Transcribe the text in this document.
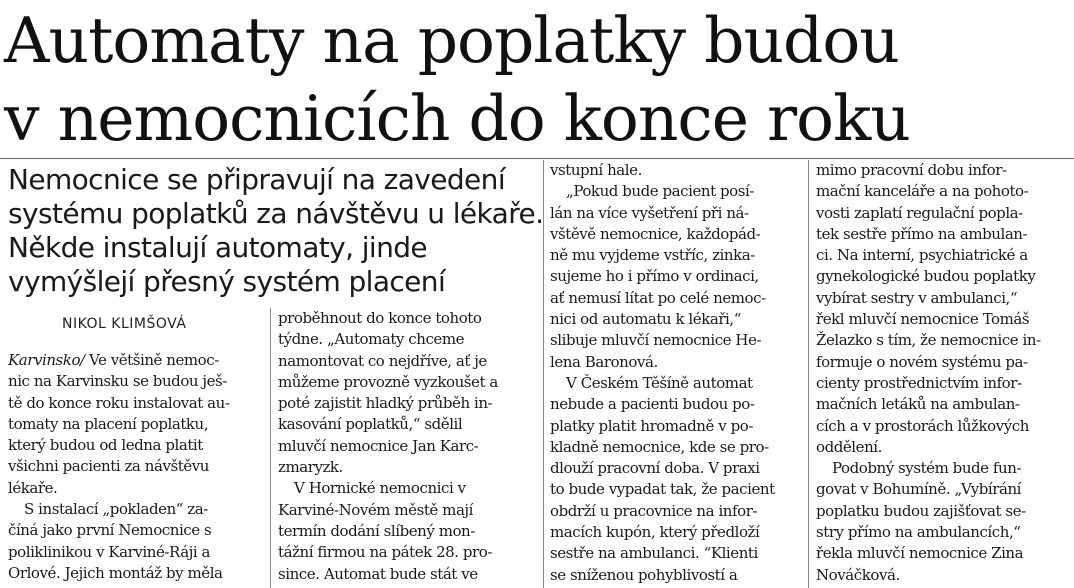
Automaty na poplatky budou
v nemocnicích do konce roku
Nemocnice se připravují na zavedení
systému poplatků za návštěvu u lékaře.
Někde instalují automaty, jinde
vymýšlejí přesný systém placení
NIKOL KLIMŠOVÁ
Karvinsko/ Ve většině nemoc-
nic na Karvinsku se budou ješ-
tě do konce roku instalovat au-
tomaty na placení poplatku,
který budou od ledna platit
všichni pacienti za návštěvu
lékaře.
S instalací „pokladen“ za-
číná jako první Nemocnice s
poliklinikou v Karviné-Ráji a
Orlové. Jejich montáž by měla
proběhnout do konce tohoto
týdne. „Automaty chceme
namontovat co nejdříve, ať je
můžeme provozně vyzkoušet a
poté zajistit hladký průběh in-
kasování poplatků,“ sdělil
mluvčí nemocnice Jan Karc-
zmaryzk.
V Hornické nemocnici v
Karviné-Novém městě mají
termín dodání slíbený mon-
tážní firmou na pátek 28. pro-
since. Automat bude stát ve
vstupní hale.
„Pokud bude pacient posí-
lán na více vyšetření při ná-
vštěvě nemocnice, každopád-
ně mu vyjdeme vstříc, zinka-
sujeme ho i přímo v ordinaci,
ať nemusí lítat po celé nemoc-
nici od automatu k lékaři,“
slibuje mluvčí nemocnice He-
lena Baronová.
V Českém Těšíně automat
nebude a pacienti budou po-
platky platit hromadně v po-
kladně nemocnice, kde se pro-
dlouží pracovní doba. V praxi
to bude vypadat tak, že pacient
obdrží u pracovnice na infor-
macích kupón, který předloží
sestře na ambulanci. “Klienti
se sníženou pohyblivostí a
mimo pracovní dobu infor-
mační kanceláře a na pohoto-
vosti zaplatí regulační popla-
tek sestře přímo na ambulan-
ci. Na interní, psychiatrické a
gynekologické budou poplatky
vybírat sestry v ambulanci,“
řekl mluvčí nemocnice Tomáš
Želazko s tím, že nemocnice in-
formuje o novém systému pa-
cienty prostřednictvím infor-
mačních letáků na ambulan-
cích a v prostorách lůžkových
oddělení.
Podobný systém bude fun-
govat v Bohumíně. „Vybírání
poplatku budou zajišťovat se-
stry přímo na ambulancích,“
řekla mluvčí nemocnice Zina
Nováčková.
